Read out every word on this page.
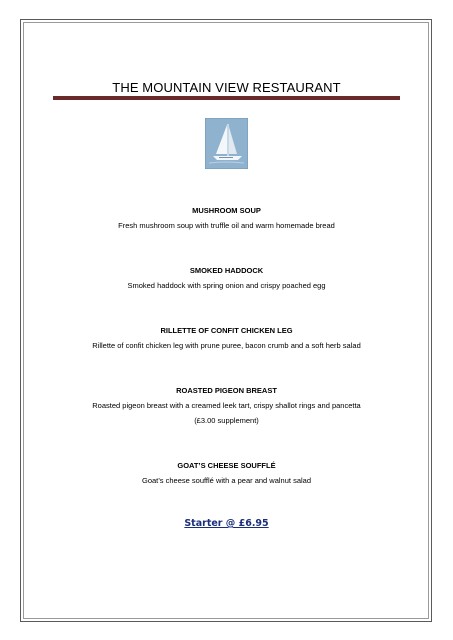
THE MOUNTAIN VIEW RESTAURANT
MUSHROOM SOUP
Fresh mushroom soup with truffle oil and warm homemade bread
SMOKED HADDOCK
Smoked haddock with spring onion and crispy poached egg
RILLETTE OF CONFIT CHICKEN LEG
Rillette of confit chicken leg with prune puree, bacon crumb and a soft herb salad
ROASTED PIGEON BREAST
Roasted pigeon breast with a creamed leek tart, crispy shallot rings and pancetta
(£3.00 supplement)
GOAT’S CHEESE SOUFFLÉ
Goat’s cheese soufflé with a pear and walnut salad
Starter @ £6.95
